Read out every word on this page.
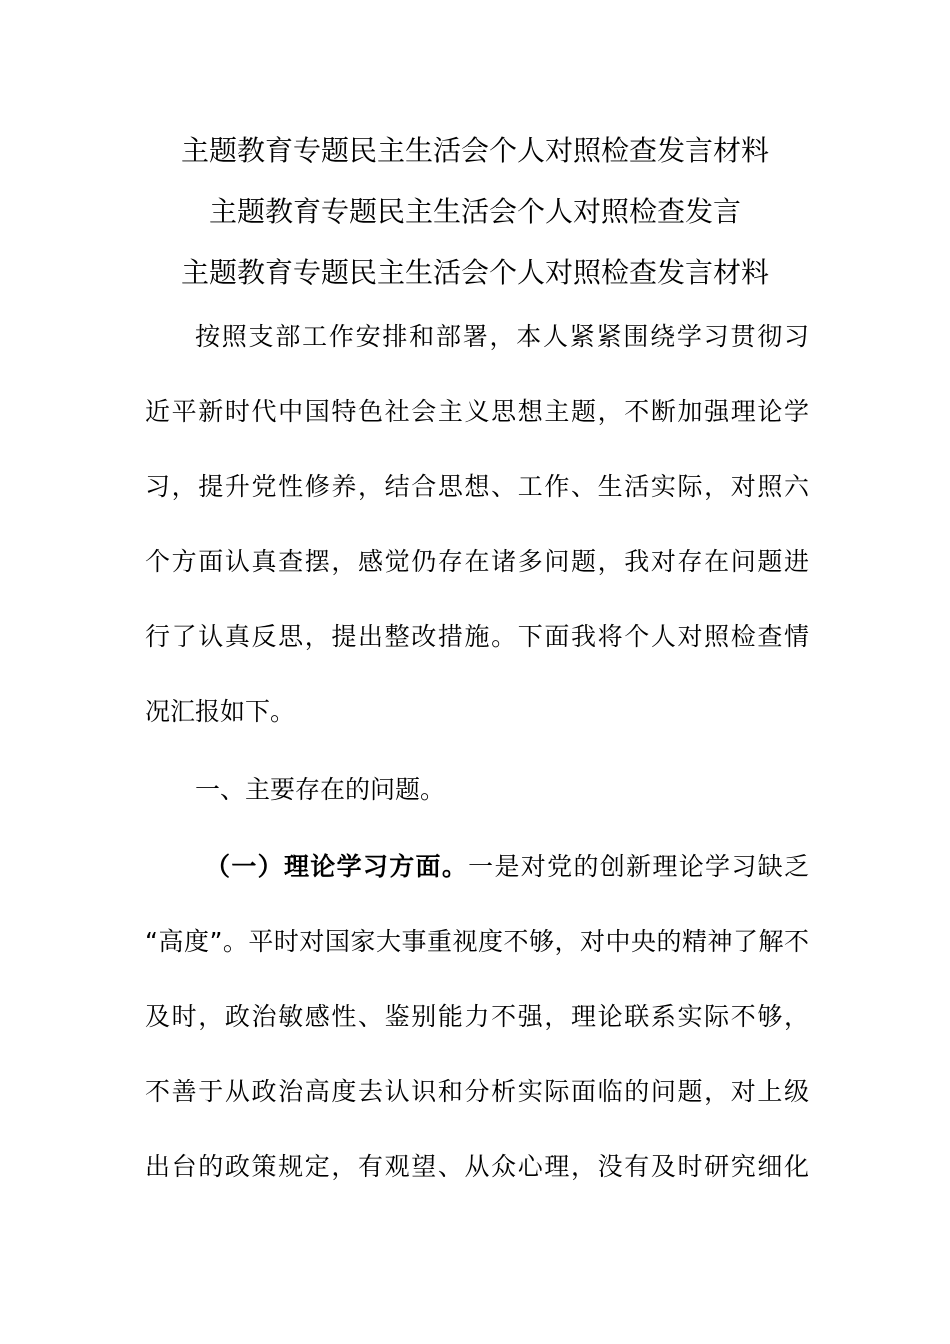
主题教育专题民主生活会个人对照检查发言材料
主题教育专题民主生活会个人对照检查发言
主题教育专题民主生活会个人对照检查发言材料
按照支部工作安排和部署，本人紧紧围绕学习贯彻习
近平新时代中国特色社会主义思想主题，不断加强理论学
习，提升党性修养，结合思想、工作、生活实际，对照六
个方面认真查摆，感觉仍存在诸多问题，我对存在问题进
行了认真反思，提出整改措施。下面我将个人对照检查情
况汇报如下。
一、主要存在的问题。
（一）理论学习方面。一是对党的创新理论学习缺乏
“高度”。平时对国家大事重视度不够，对中央的精神了解不
及时，政治敏感性、鉴别能力不强，理论联系实际不够，
不善于从政治高度去认识和分析实际面临的问题，对上级
出台的政策规定，有观望、从众心理，没有及时研究细化
